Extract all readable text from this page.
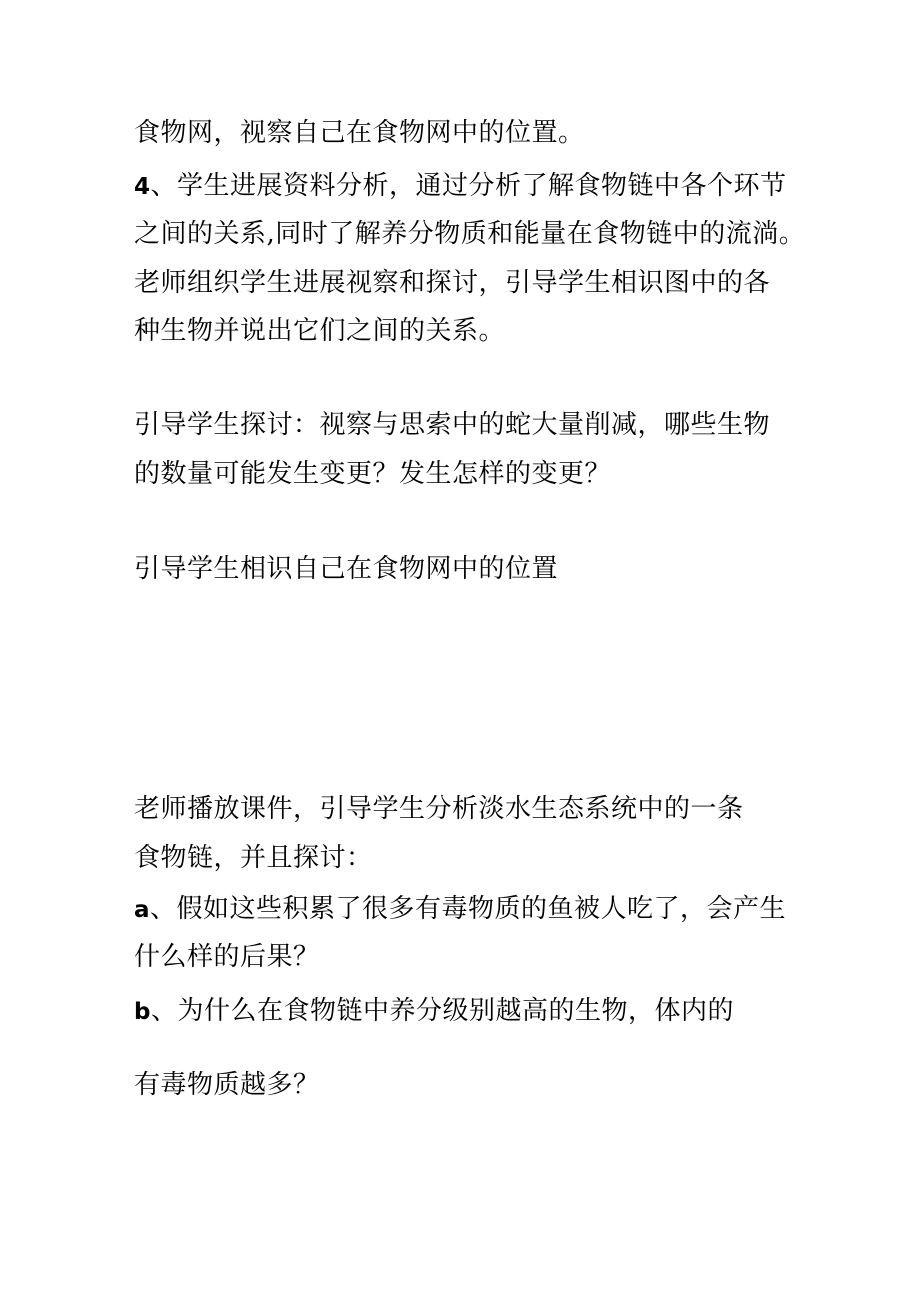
食物网，视察自己在食物网中的位置。
4、学生进展资料分析，通过分析了解食物链中各个环节
之间的关系,同时了解养分物质和能量在食物链中的流淌。
老师组织学生进展视察和探讨，引导学生相识图中的各
种生物并说出它们之间的关系。
引导学生探讨：视察与思索中的蛇大量削减，哪些生物
的数量可能发生变更？发生怎样的变更？
引导学生相识自己在食物网中的位置
老师播放课件，引导学生分析淡水生态系统中的一条
食物链，并且探讨：
a、假如这些积累了很多有毒物质的鱼被人吃了，会产生
什么样的后果？
b、为什么在食物链中养分级别越高的生物，体内的
有毒物质越多？
